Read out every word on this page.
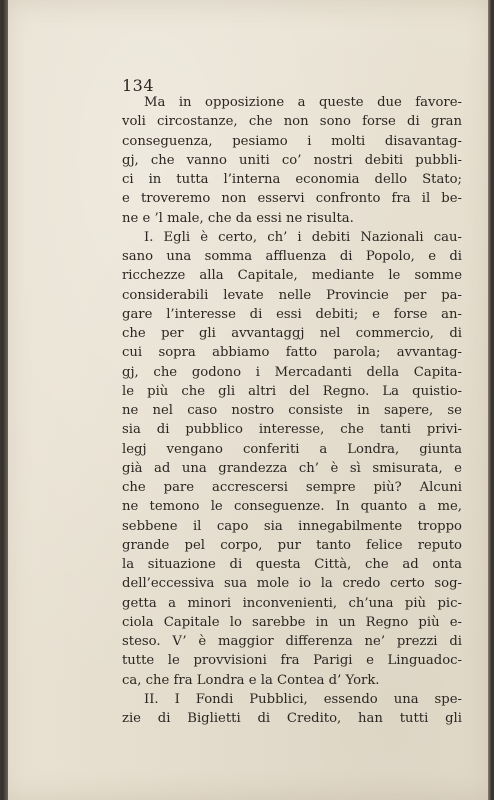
134
Ma in opposizione a queste due favore-
voli circostanze, che non sono forse di gran
conseguenza, pesiamo i molti disavantag-
gj, che vanno uniti co’ nostri debiti pubbli-
ci in tutta l’interna economia dello Stato;
e troveremo non esservi confronto fra il be-
ne e ’l male, che da essi ne risulta.
I. Egli è certo, ch’ i debiti Nazionali cau-
sano una somma affluenza di Popolo, e di
ricchezze alla Capitale, mediante le somme
considerabili levate nelle Provincie per pa-
gare l’interesse di essi debiti; e forse an-
che per gli avvantaggj nel commercio, di
cui sopra abbiamo fatto parola; avvantag-
gj, che godono i Mercadanti della Capita-
le più che gli altri del Regno. La quistio-
ne nel caso nostro consiste in sapere, se
sia di pubblico interesse, che tanti privi-
legj vengano conferiti a Londra, giunta
già ad una grandezza ch’ è sì smisurata, e
che pare accrescersi sempre più? Alcuni
ne temono le conseguenze. In quanto a me,
sebbene il capo sia innegabilmente troppo
grande pel corpo, pur tanto felice reputo
la situazione di questa Città, che ad onta
dell’eccessiva sua mole io la credo certo sog-
getta a minori inconvenienti, ch’una più pic-
ciola Capitale lo sarebbe in un Regno più e-
steso. V’ è maggior differenza ne’ prezzi di
tutte le provvisioni fra Parigi e Linguadoc-
ca, che fra Londra e la Contea d’ York.
II. I Fondi Pubblici, essendo una spe-
zie di Biglietti di Credito, han tutti gli
